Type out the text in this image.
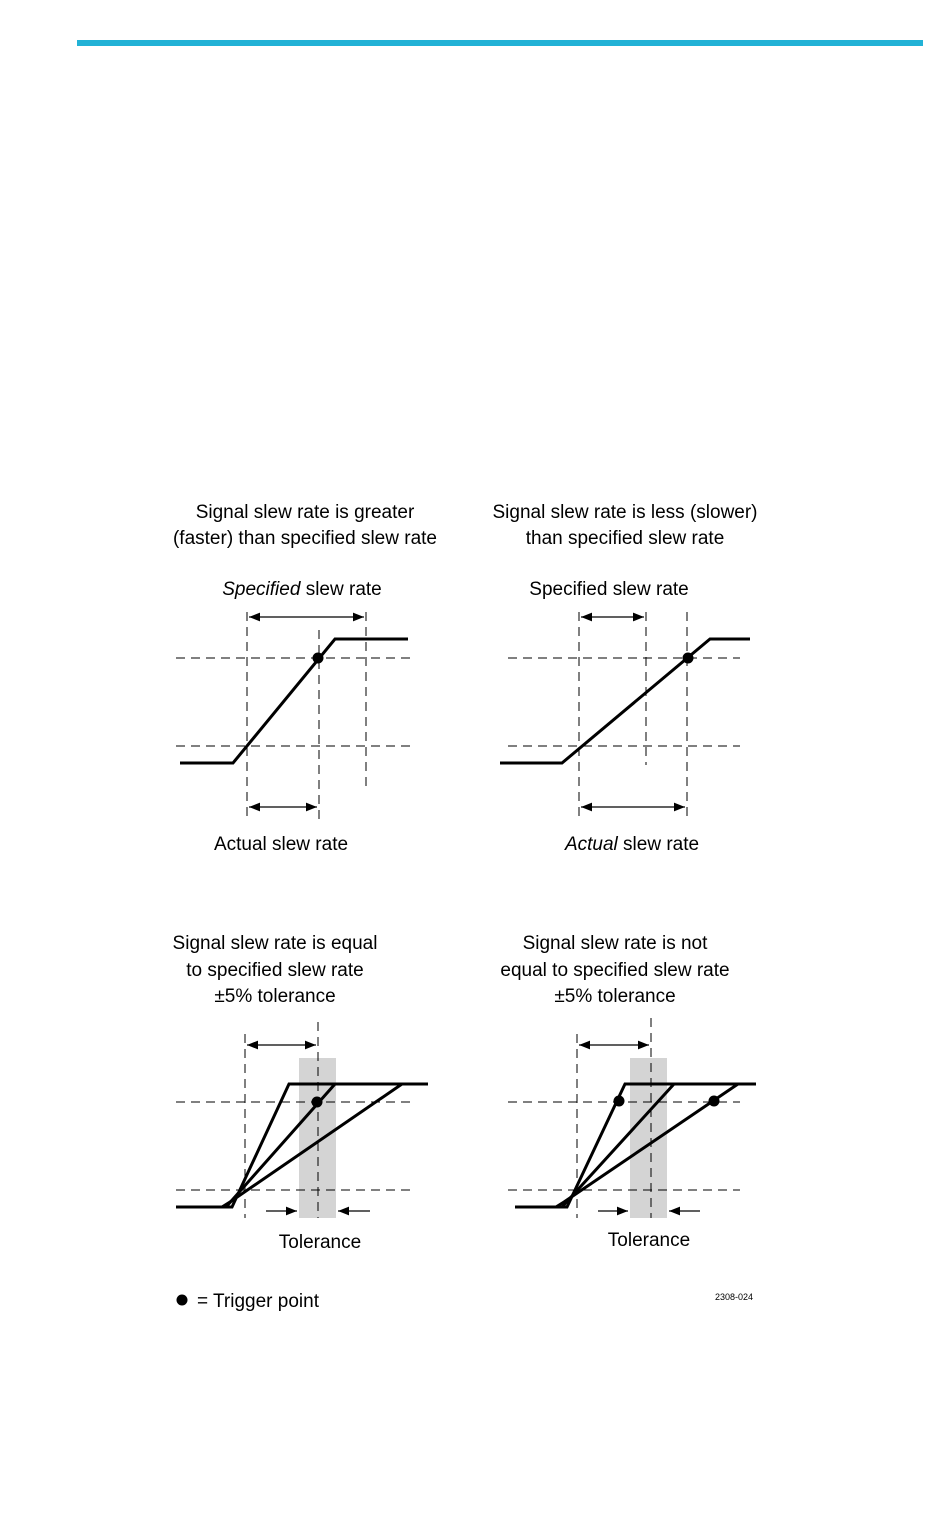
Signal slew rate is greater
(faster) than specified slew rate
Specified slew rate
Actual slew rate
Signal slew rate is less (slower)
than specified slew rate
Specified slew rate
Actual slew rate
Signal slew rate is equal
to specified slew rate
±5% tolerance
Tolerance
Signal slew rate is not
equal to specified slew rate
±5% tolerance
Tolerance
= Trigger point	2308-024
